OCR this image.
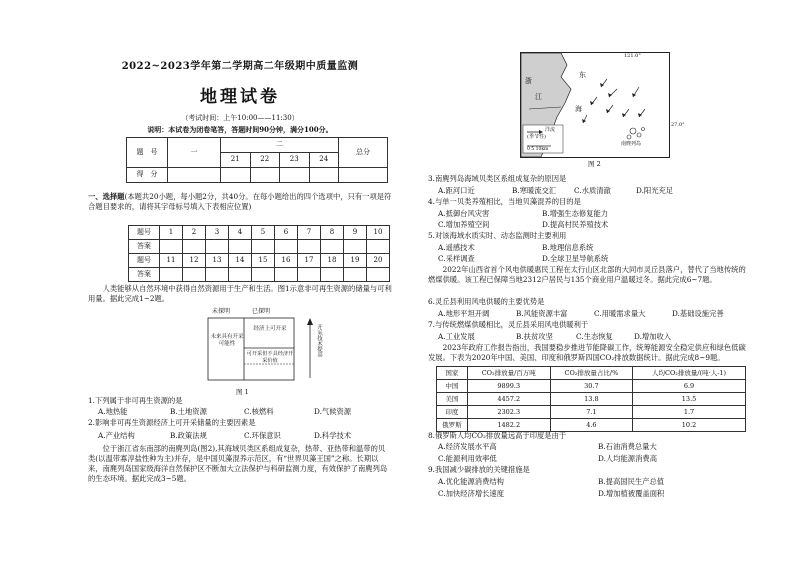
2022~2023学年第二学期高二年级期中质量监测
地理试卷
（考试时间：上午10:00——11:30）
说明：本试卷为闭卷笔答，答题时间90分钟，满分100分。
题　号	一	二				总分
		21	22	23	24	
得　分						
一、选择题(本题共20小题，每小题2分，共40分。在每小题给出的四个选项中，只有一项是符合题目要求的，请将其字母标号填入下表相应位置)
题号	1	2	3	4	5	6	7	8	9	10
答案										
题号	11	12	13	14	15	16	17	18	19	20
答案										
人类能够从自然环境中获得自然资源用于生产和生活。图1示意非可再生资源的储量与可利用量。据此完成1~2题。
未探明	已探明
未来具有开采可能性
经济上可开采
可开采但不具经济开采价值
开采技术提高
图 1
1.下列属于非可再生资源的是
A.地热能	B.土地资源	C.核燃料	D.气候资源
2.影响非可再生资源经济上可开采储量的主要因素是
A.产业结构	B.政策法规	C.环保意识	D.科学技术
位于浙江省东南部的南麂列岛(图2),其海域贝类区系组成复杂，热带、亚热带和温带的贝类(以温带寡淳盐性种为主)并存，是中国贝藻混养示范区，有“世界贝藻王国”之称。长期以来，南麂列岛国家级海洋自然保护区不断加大立法保护与科研监测力度，有效保护了南麂列岛的生态环境。据此完成3~5题。
浙
江
东
海
南麂列岛
洋流
(季节性)
0 5 10km
121.0°
27.0°
图 2
3.南麂列岛海域贝类区系组成复杂的原因是
A.距河口近	B.寒暖流交汇 C.水质清澈	D.阳光充足
4.与单一贝类养殖相比，当地贝藻混养的目的是
A.抵御台风灾害	B.增强生态修复能力
C.增加养殖空间	D.提高村民养殖技术
5.对该海域水质实时、动态监测时主要利用
A.遥感技术	B.地理信息系统
C.采样调查	D.全球卫星导航系统
2022年山西省首个风电供暖惠民工程在太行山区北部的大同市灵丘县落户，替代了当地传统的燃煤供暖。该工程已保障当地2312户居民与135个商业用户温暖过冬。据此完成6~7题。
6.灵丘县利用风电供暖的主要优势是
A.地形平坦开阔	B.风能资源丰富	C.用暖需求量大	D.基础设施完善
7.与传统燃煤供暖相比，灵丘县采用风电供暖利于
A.工业发展	B.扶贫攻坚	C.生态恢复	D.增加收入
2023年政府工作报告指出，我国要稳步推进节能降碳工作，统筹能源安全稳定供应和绿色低碳发展。下表为2020年中国、美国、印度和俄罗斯四国CO₂排放数据统计。据此完成8~9题。
国家	CO₂排放量/百万吨	CO₂排放量占比/%	人均CO₂排放量/(吨·人-1)
中国	9899.3	30.7	6.9
美国	4457.2	13.8	13.5
印度	2302.3	7.1	1.7
俄罗斯	1482.2	4.6	10.2
8.俄罗斯人均CO₂排放量远高于印度是由于
A.经济发展水平高	B.石油消费总量大
C.能源利用效率低	D.人均能源消费高
9.我国减少碳排放的关键措施是
A.优化能源消费结构	B.提高国民生产总值
C.加快经济增长速度	D.增加植被覆盖面积
